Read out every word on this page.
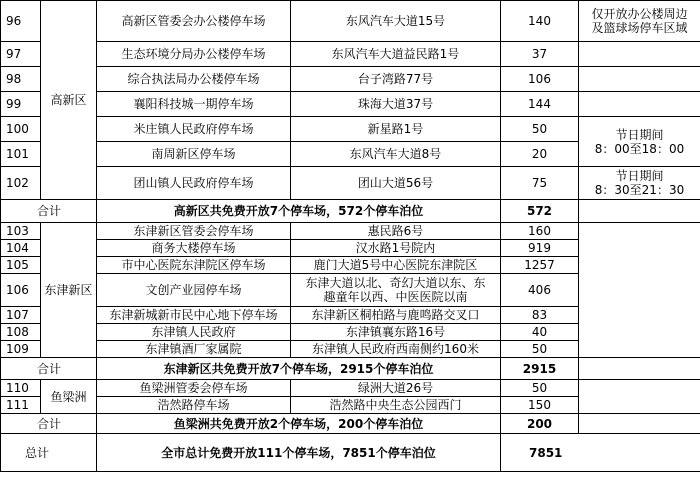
96	高新区	高新区管委会办公楼停车场	东风汽车大道15号	140	仅开放办公楼周边
及篮球场停车区域
97		生态环境分局办公楼停车场	东风汽车大道益民路1号	37	
98		综合执法局办公楼停车场	台子湾路77号	106	
99		襄阳科技城一期停车场	珠海大道37号	144	
100		米庄镇人民政府停车场	新星路1号	50	节日期间
8：00至18：00
101		南周新区停车场	东风汽车大道8号	20	
102		团山镇人民政府停车场	团山大道56号	75	节日期间
8：30至21：30
合计		高新区共免费开放7个停车场，572个停车泊位		572	
103	东津新区	东津新区管委会停车场	惠民路6号	160	
104		商务大楼停车场	汉水路1号院内	919	
105		市中心医院东津院区停车场	鹿门大道5号中心医院东津院区	1257	
106		文创产业园停车场	东津大道以北、奇幻大道以东、东
趣童年以西、中医医院以南	406	
107		东津新城新市民中心地下停车场	东津新区桐柏路与鹿鸣路交叉口	83	
108		东津镇人民政府	东津镇襄东路16号	40	
109		东津镇酒厂家属院	东津镇人民政府西南侧约160米	50	
合计		东津新区共免费开放7个停车场，2915个停车泊位		2915	
110	鱼梁洲	鱼梁洲管委会停车场	绿洲大道26号	50	
111		浩然路停车场	浩然路中央生态公园西门	150	
合计		鱼梁洲共免费开放2个停车场，200个停车泊位		200	
总计		全市总计免费开放111个停车场，7851个停车泊位		7851	
